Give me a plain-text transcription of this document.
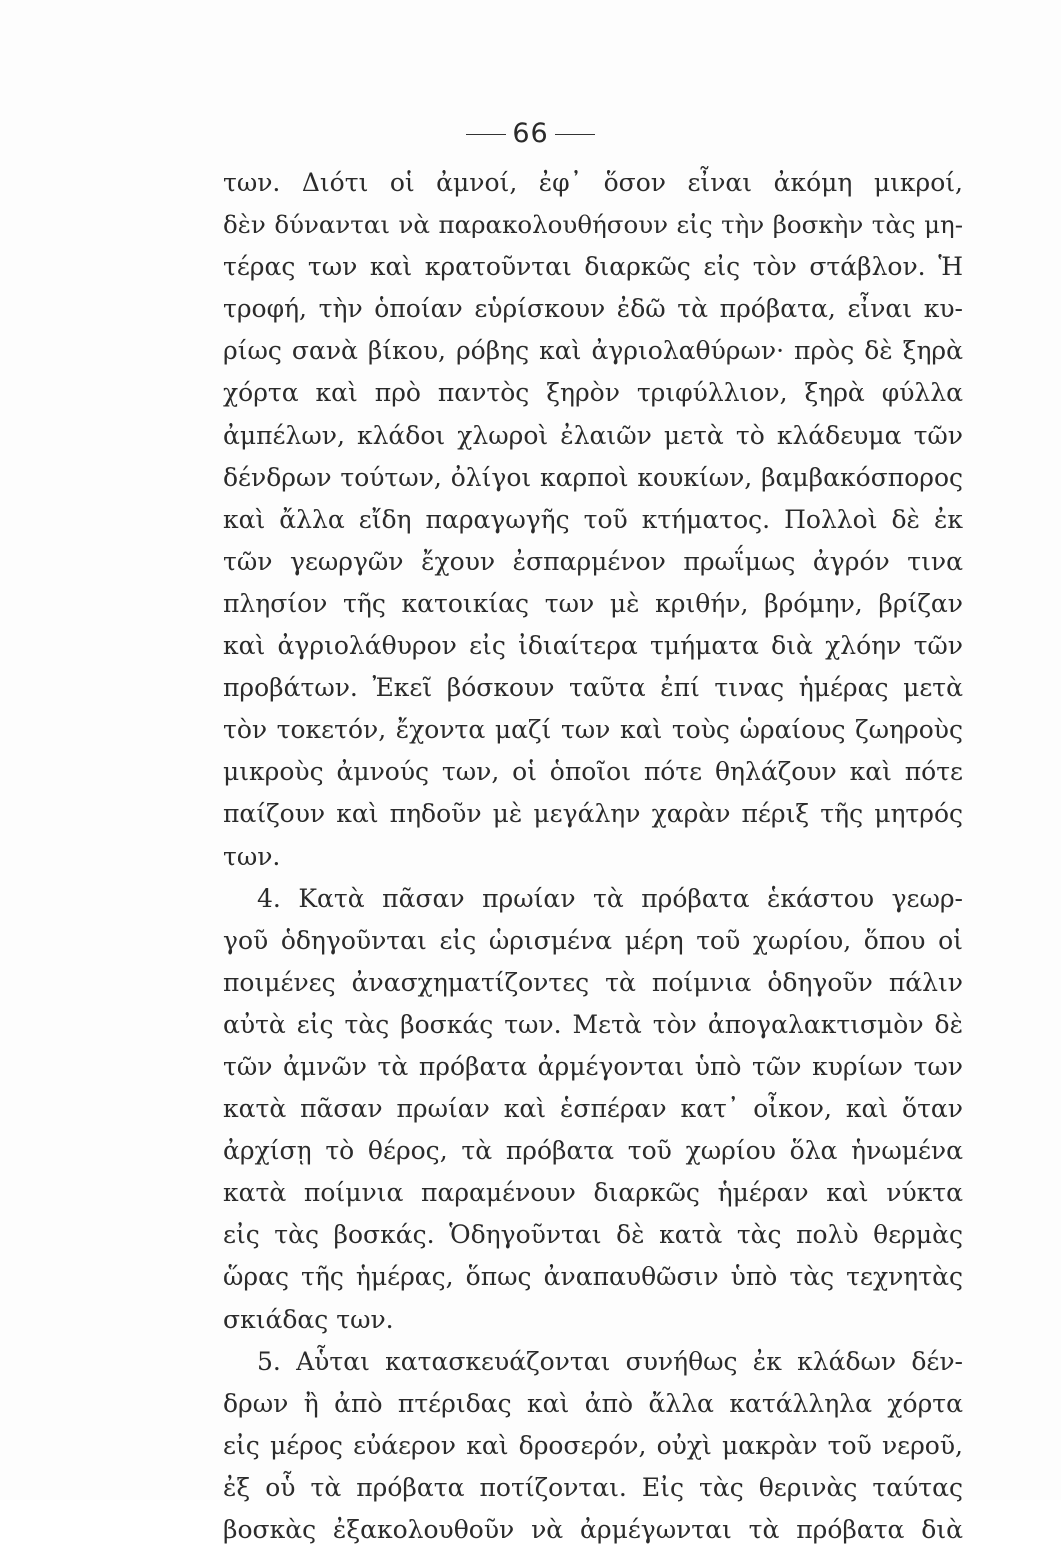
66
των. Διότι οἱ ἀμνοί, ἐφ᾽ ὅσον εἶναι ἀκόμη μικροί,
δὲν δύνανται νὰ παρακολουθήσουν εἰς τὴν βοσκὴν τὰς μη-
τέρας των καὶ κρατοῦνται διαρκῶς εἰς τὸν στάβλον. Ἡ
τροφή, τὴν ὁποίαν εὑρίσκουν ἐδῶ τὰ πρόβατα, εἶναι κυ-
ρίως σανὰ βίκου, ρόβης καὶ ἀγριολαθύρων· πρὸς δὲ ξηρὰ
χόρτα καὶ πρὸ παντὸς ξηρὸν τριφύλλιον, ξηρὰ φύλλα
ἀμπέλων, κλάδοι χλωροὶ ἐλαιῶν μετὰ τὸ κλάδευμα τῶν
δένδρων τούτων, ὀλίγοι καρποὶ κουκίων, βαμβακόσπορος
καὶ ἄλλα εἴδη παραγωγῆς τοῦ κτήματος. Πολλοὶ δὲ ἐκ
τῶν γεωργῶν ἔχουν ἐσπαρμένον πρωΐμως ἀγρόν τινα
πλησίον τῆς κατοικίας των μὲ κριθήν, βρόμην, βρίζαν
καὶ ἀγριολάθυρον εἰς ἰδιαίτερα τμήματα διὰ χλόην τῶν
προβάτων. Ἐκεῖ βόσκουν ταῦτα ἐπί τινας ἡμέρας μετὰ
τὸν τοκετόν, ἔχοντα μαζί των καὶ τοὺς ὡραίους ζωηροὺς
μικροὺς ἀμνούς των, οἱ ὁποῖοι πότε θηλάζουν καὶ πότε
παίζουν καὶ πηδοῦν μὲ μεγάλην χαρὰν πέριξ τῆς μητρός
των.
4. Κατὰ πᾶσαν πρωίαν τὰ πρόβατα ἑκάστου γεωρ-
γοῦ ὁδηγοῦνται εἰς ὡρισμένα μέρη τοῦ χωρίου, ὅπου οἱ
ποιμένες ἀνασχηματίζοντες τὰ ποίμνια ὁδηγοῦν πάλιν
αὐτὰ εἰς τὰς βοσκάς των. Μετὰ τὸν ἀπογαλακτισμὸν δὲ
τῶν ἀμνῶν τὰ πρόβατα ἀρμέγονται ὑπὸ τῶν κυρίων των
κατὰ πᾶσαν πρωίαν καὶ ἑσπέραν κατ᾽ οἶκον, καὶ ὅταν
ἀρχίσῃ τὸ θέρος, τὰ πρόβατα τοῦ χωρίου ὅλα ἡνωμένα
κατὰ ποίμνια παραμένουν διαρκῶς ἡμέραν καὶ νύκτα
εἰς τὰς βοσκάς. Ὁδηγοῦνται δὲ κατὰ τὰς πολὺ θερμὰς
ὥρας τῆς ἡμέρας, ὅπως ἀναπαυθῶσιν ὑπὸ τὰς τεχνητὰς
σκιάδας των.
5. Αὗται κατασκευάζονται συνήθως ἐκ κλάδων δέν-
δρων ἢ ἀπὸ πτέριδας καὶ ἀπὸ ἄλλα κατάλληλα χόρτα
εἰς μέρος εὐάερον καὶ δροσερόν, οὐχὶ μακρὰν τοῦ νεροῦ,
ἐξ οὗ τὰ πρόβατα ποτίζονται. Εἰς τὰς θερινὰς ταύτας
βοσκὰς ἐξακολουθοῦν νὰ ἀρμέγωνται τὰ πρόβατα διὰ
